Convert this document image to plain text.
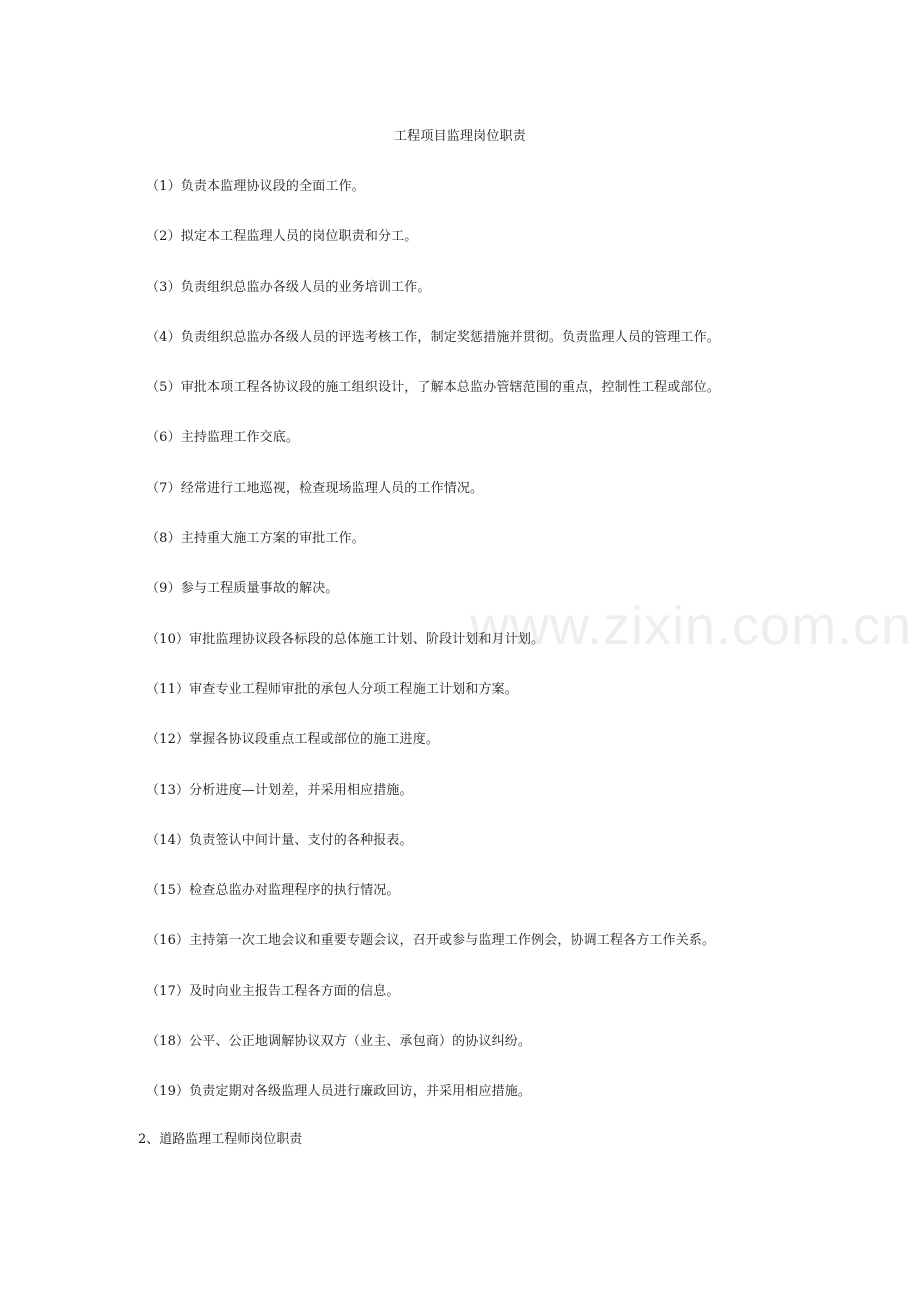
工程项目监理岗位职责
（1）负责本监理协议段的全面工作。
（2）拟定本工程监理人员的岗位职责和分工。
（3）负责组织总监办各级人员的业务培训工作。
（4）负责组织总监办各级人员的评选考核工作，制定奖惩措施并贯彻。负责监理人员的管理工作。
（5）审批本项工程各协议段的施工组织设计，了解本总监办管辖范围的重点，控制性工程或部位。
（6）主持监理工作交底。
（7）经常进行工地巡视，检查现场监理人员的工作情况。
（8）主持重大施工方案的审批工作。
（9）参与工程质量事故的解决。
（10）审批监理协议段各标段的总体施工计划、阶段计划和月计划。
（11）审查专业工程师审批的承包人分项工程施工计划和方案。
（12）掌握各协议段重点工程或部位的施工进度。
（13）分析进度—计划差，并采用相应措施。
（14）负责签认中间计量、支付的各种报表。
（15）检查总监办对监理程序的执行情况。
（16）主持第一次工地会议和重要专题会议，召开或参与监理工作例会，协调工程各方工作关系。
（17）及时向业主报告工程各方面的信息。
（18）公平、公正地调解协议双方（业主、承包商）的协议纠纷。
（19）负责定期对各级监理人员进行廉政回访，并采用相应措施。
2、道路监理工程师岗位职责
www.zixin.com.cn
